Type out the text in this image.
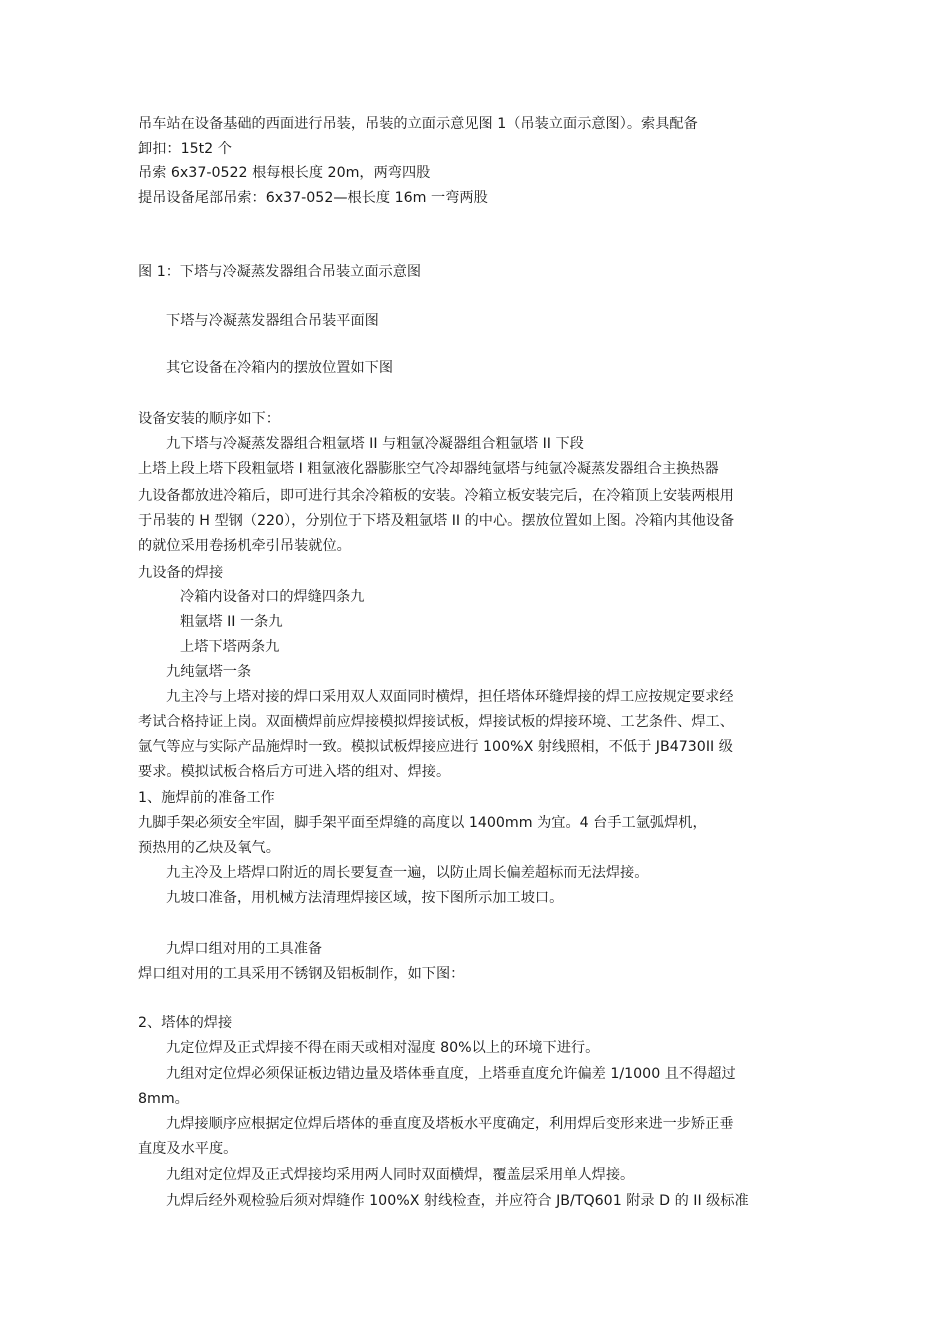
吊车站在设备基础的西面进行吊装，吊装的立面示意见图 1（吊装立面示意图）。索具配备
卸扣：15t2 个
吊索 6x37-0522 根每根长度 20m，两弯四股
提吊设备尾部吊索：6x37-052—根长度 16m 一弯两股
图 1：下塔与冷凝蒸发器组合吊装立面示意图
下塔与冷凝蒸发器组合吊装平面图
其它设备在冷箱内的摆放位置如下图
设备安装的顺序如下：
九下塔与冷凝蒸发器组合粗氩塔 II 与粗氩冷凝器组合粗氩塔 II 下段
上塔上段上塔下段粗氩塔 I 粗氩液化器膨胀空气冷却器纯氩塔与纯氩冷凝蒸发器组合主换热器
九设备都放进冷箱后，即可进行其余冷箱板的安装。冷箱立板安装完后，在冷箱顶上安装两根用
于吊装的 H 型钢（220），分别位于下塔及粗氩塔 II 的中心。摆放位置如上图。冷箱内其他设备
的就位采用卷扬机牵引吊装就位。
九设备的焊接
冷箱内设备对口的焊缝四条九
粗氩塔 II 一条九
上塔下塔两条九
九纯氩塔一条
九主冷与上塔对接的焊口采用双人双面同时横焊，担任塔体环缝焊接的焊工应按规定要求经
考试合格持证上岗。双面横焊前应焊接模拟焊接试板，焊接试板的焊接环境、工艺条件、焊工、
氩气等应与实际产品施焊时一致。模拟试板焊接应进行 100%X 射线照相，不低于 JB4730II 级
要求。模拟试板合格后方可进入塔的组对、焊接。
1、施焊前的准备工作
九脚手架必须安全牢固，脚手架平面至焊缝的高度以 1400mm 为宜。4 台手工氩弧焊机，
预热用的乙炔及氧气。
九主冷及上塔焊口附近的周长要复查一遍，以防止周长偏差超标而无法焊接。
九坡口准备，用机械方法清理焊接区域，按下图所示加工坡口。
九焊口组对用的工具准备
焊口组对用的工具采用不锈钢及铝板制作，如下图：
2、塔体的焊接
九定位焊及正式焊接不得在雨天或相对湿度 80%以上的环境下进行。
九组对定位焊必须保证板边错边量及塔体垂直度，上塔垂直度允许偏差 1/1000 且不得超过
8mm。
九焊接顺序应根据定位焊后塔体的垂直度及塔板水平度确定，利用焊后变形来进一步矫正垂
直度及水平度。
九组对定位焊及正式焊接均采用两人同时双面横焊，覆盖层采用单人焊接。
九焊后经外观检验后须对焊缝作 100%X 射线检查，并应符合 JB/TQ601 附录 D 的 II 级标准
